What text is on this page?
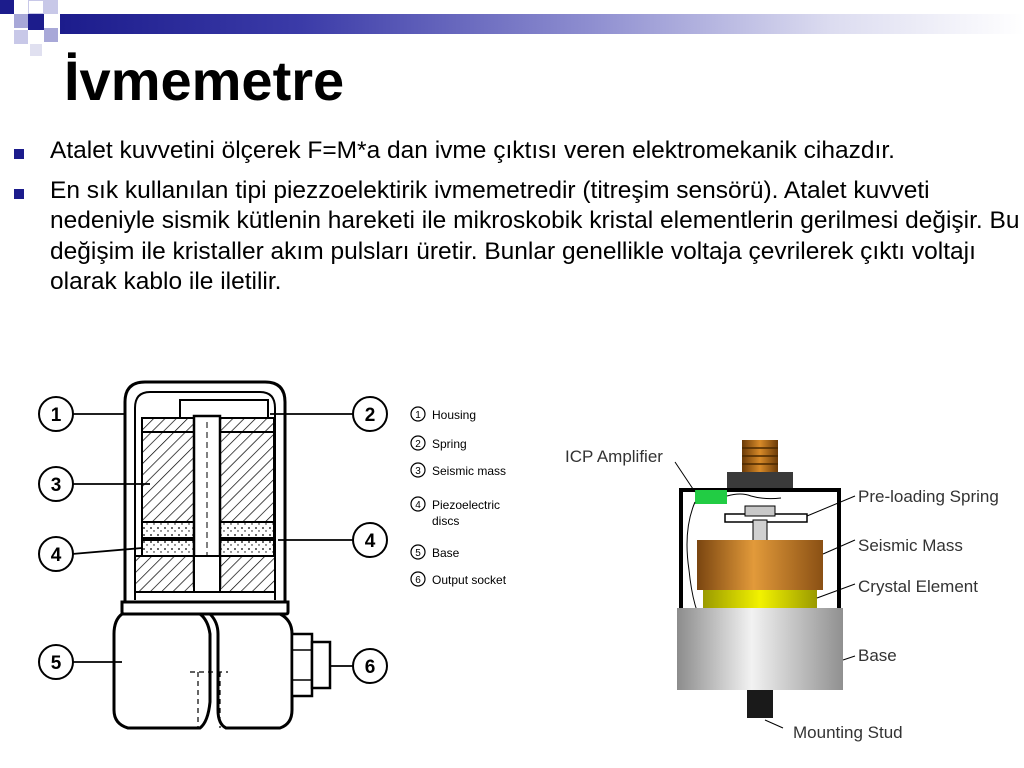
İvmemetre
Atalet kuvvetini ölçerek F=M*a dan ivme çıktısı veren elektromekanik cihazdır.
En sık kullanılan tipi piezzoelektirik ivmemetredir (titreşim sensörü). Atalet kuvveti nedeniyle sismik kütlenin hareketi ile mikroskobik kristal elementlerin gerilmesi değişir. Bu değişim ile kristaller akım pulsları üretir. Bunlar genellikle voltaja çevrilerek çıktı voltajı olarak kablo ile iletilir.
1
3
4
5
2
4
6
1 Housing
2 Spring
3 Seismic mass
4 Piezoelectric
discs
5 Base
6 Output socket
ICP Amplifier
Pre-loading Spring
Seismic Mass
Crystal Element
Base
Mounting Stud
